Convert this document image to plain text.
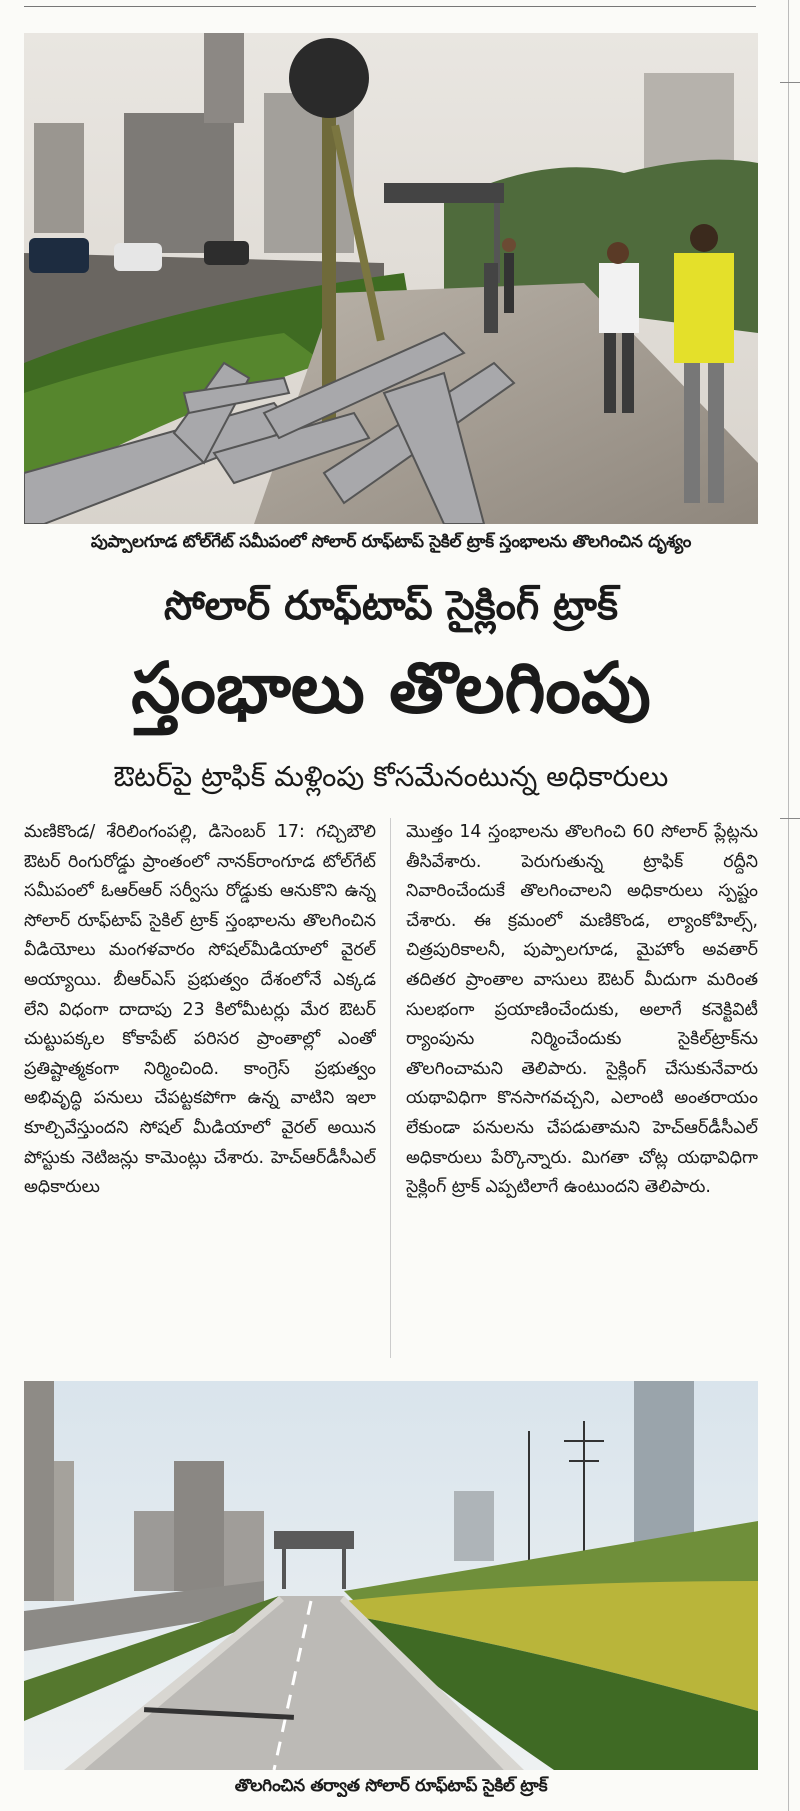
పుప్పాలగూడ టోల్‌గేట్‌ సమీపంలో సోలార్‌ రూఫ్‌టాప్‌ సైకిల్‌ ట్రాక్‌ స్తంభాలను తొలగించిన దృశ్యం
సోలార్‌ రూఫ్‌టాప్‌ సైక్లింగ్‌ ట్రాక్‌
స్తంభాలు తొలగింపు
ఔటర్‌పై ట్రాఫిక్‌ మళ్లింపు కోసమేనంటున్న అధికారులు
మణికొండ/ శేరిలింగంపల్లి, డిసెంబర్‌ 17: గచ్చిబౌలి ఔటర్‌ రింగురోడ్డు ప్రాంతంలో నానక్‌రాంగూడ టోల్‌గేట్‌ సమీపంలో ఓఆర్‌ఆర్‌ సర్వీసు రోడ్డుకు ఆనుకొని ఉన్న సోలార్‌ రూఫ్‌టాప్‌ సైకిల్‌ ట్రాక్‌ స్తంభాలను తొలగించిన వీడియోలు మంగళవారం సోషల్‌మీడియాలో వైరల్‌ అయ్యాయి. బీఆర్‌ఎస్‌ ప్రభుత్వం దేశంలోనే ఎక్కడ లేని విధంగా దాదాపు 23 కిలోమీటర్లు మేర ఔటర్‌ చుట్టుపక్కల కోకాపేట్‌ పరిసర ప్రాంతాల్లో ఎంతో ప్రతిష్టాత్మకంగా నిర్మించింది. కాంగ్రెస్‌ ప్రభుత్వం అభివృద్ధి పనులు చేపట్టకపోగా ఉన్న వాటిని ఇలా కూల్చివేస్తుందని సోషల్‌ మీడియాలో వైరల్‌ అయిన పోస్టుకు నెటిజన్లు కామెంట్లు చేశారు. హెచ్‌ఆర్‌డీసీఎల్‌ అధికారులు
మొత్తం 14 స్తంభాలను తొలగించి 60 సోలార్‌ ప్లేట్లను తీసివేశారు. పెరుగుతున్న ట్రాఫిక్‌ రద్దీని నివారించేందుకే తొలగించాలని అధికారులు స్పష్టం చేశారు. ఈ క్రమంలో మణికొండ, ల్యాంకోహిల్స్‌, చిత్రపురికాలనీ, పుప్పాలగూడ, మైహోం అవతార్‌ తదితర ప్రాంతాల వాసులు ఔటర్‌ మీదుగా మరింత సులభంగా ప్రయాణించేందుకు, అలాగే కనెక్టివిటీ ర్యాంపును నిర్మించేందుకు సైకిల్‌ట్రాక్‌ను తొలగించామని తెలిపారు. సైక్లింగ్‌ చేసుకునేవారు యథావిధిగా కొనసాగవచ్చని, ఎలాంటి అంతరాయం లేకుండా పనులను చేపడుతామని హెచ్‌ఆర్‌డీసీఎల్‌ అధికారులు పేర్కొన్నారు. మిగతా చోట్ల యథావిధిగా సైక్లింగ్‌ ట్రాక్‌ ఎప్పటిలాగే ఉంటుందని తెలిపారు.
తొలగించిన తర్వాత సోలార్‌ రూఫ్‌టాప్‌ సైకిల్‌ ట్రాక్‌
